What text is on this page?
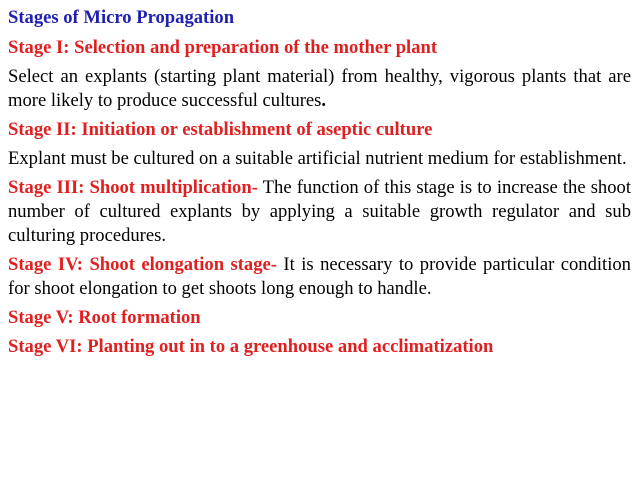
Stages of Micro Propagation
Stage I: Selection and preparation of the mother plant
Select an explants (starting plant material) from healthy, vigorous plants that are more likely to produce successful cultures.
Stage II: Initiation or establishment of aseptic culture
Explant must be cultured on a suitable artificial nutrient medium for establishment.
Stage III: Shoot multiplication- The function of this stage is to increase the shoot number of cultured explants by applying a suitable growth regulator and sub culturing procedures.
Stage IV: Shoot elongation stage- It is necessary to provide particular condition for shoot elongation to get shoots long enough to handle.
Stage V: Root formation
Stage VI: Planting out in to a greenhouse and acclimatization
